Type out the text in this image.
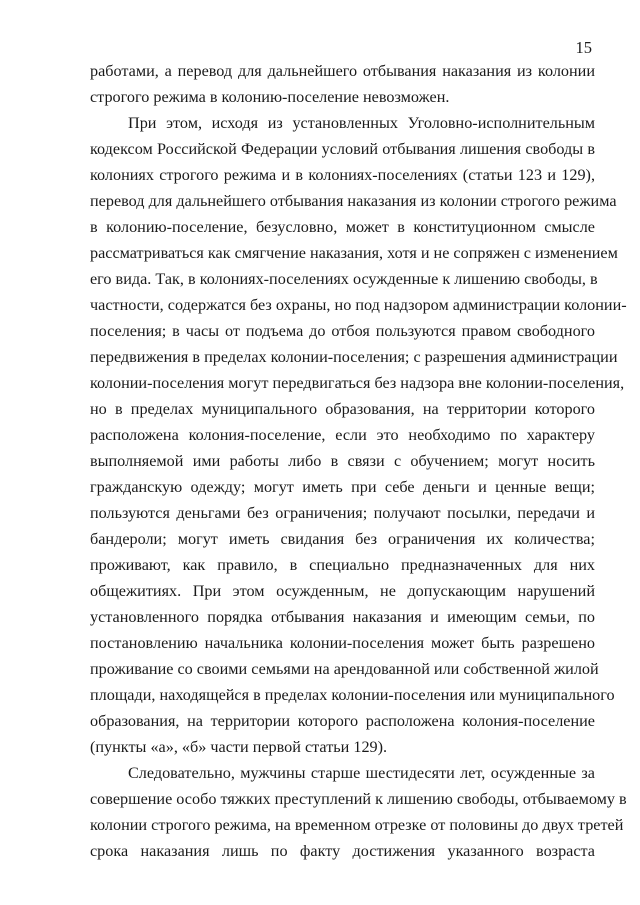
15
работами, а перевод для дальнейшего отбывания наказания из колонии
строгого режима в колонию-поселение невозможен.
При этом, исходя из установленных Уголовно-исполнительным
кодексом Российской Федерации условий отбывания лишения свободы в
колониях строгого режима и в колониях-поселениях (статьи 123 и 129),
перевод для дальнейшего отбывания наказания из колонии строгого режима
в колонию-поселение, безусловно, может в конституционном смысле
рассматриваться как смягчение наказания, хотя и не сопряжен с изменением
его вида. Так, в колониях-поселениях осужденные к лишению свободы, в
частности, содержатся без охраны, но под надзором администрации колонии-
поселения; в часы от подъема до отбоя пользуются правом свободного
передвижения в пределах колонии-поселения; с разрешения администрации
колонии-поселения могут передвигаться без надзора вне колонии-поселения,
но в пределах муниципального образования, на территории которого
расположена колония-поселение, если это необходимо по характеру
выполняемой ими работы либо в связи с обучением; могут носить
гражданскую одежду; могут иметь при себе деньги и ценные вещи;
пользуются деньгами без ограничения; получают посылки, передачи и
бандероли; могут иметь свидания без ограничения их количества;
проживают, как правило, в специально предназначенных для них
общежитиях. При этом осужденным, не допускающим нарушений
установленного порядка отбывания наказания и имеющим семьи, по
постановлению начальника колонии-поселения может быть разрешено
проживание со своими семьями на арендованной или собственной жилой
площади, находящейся в пределах колонии-поселения или муниципального
образования, на территории которого расположена колония-поселение
(пункты «а», «б» части первой статьи 129).
Следовательно, мужчины старше шестидесяти лет, осужденные за
совершение особо тяжких преступлений к лишению свободы, отбываемому в
колонии строгого режима, на временном отрезке от половины до двух третей
срока наказания лишь по факту достижения указанного возраста
